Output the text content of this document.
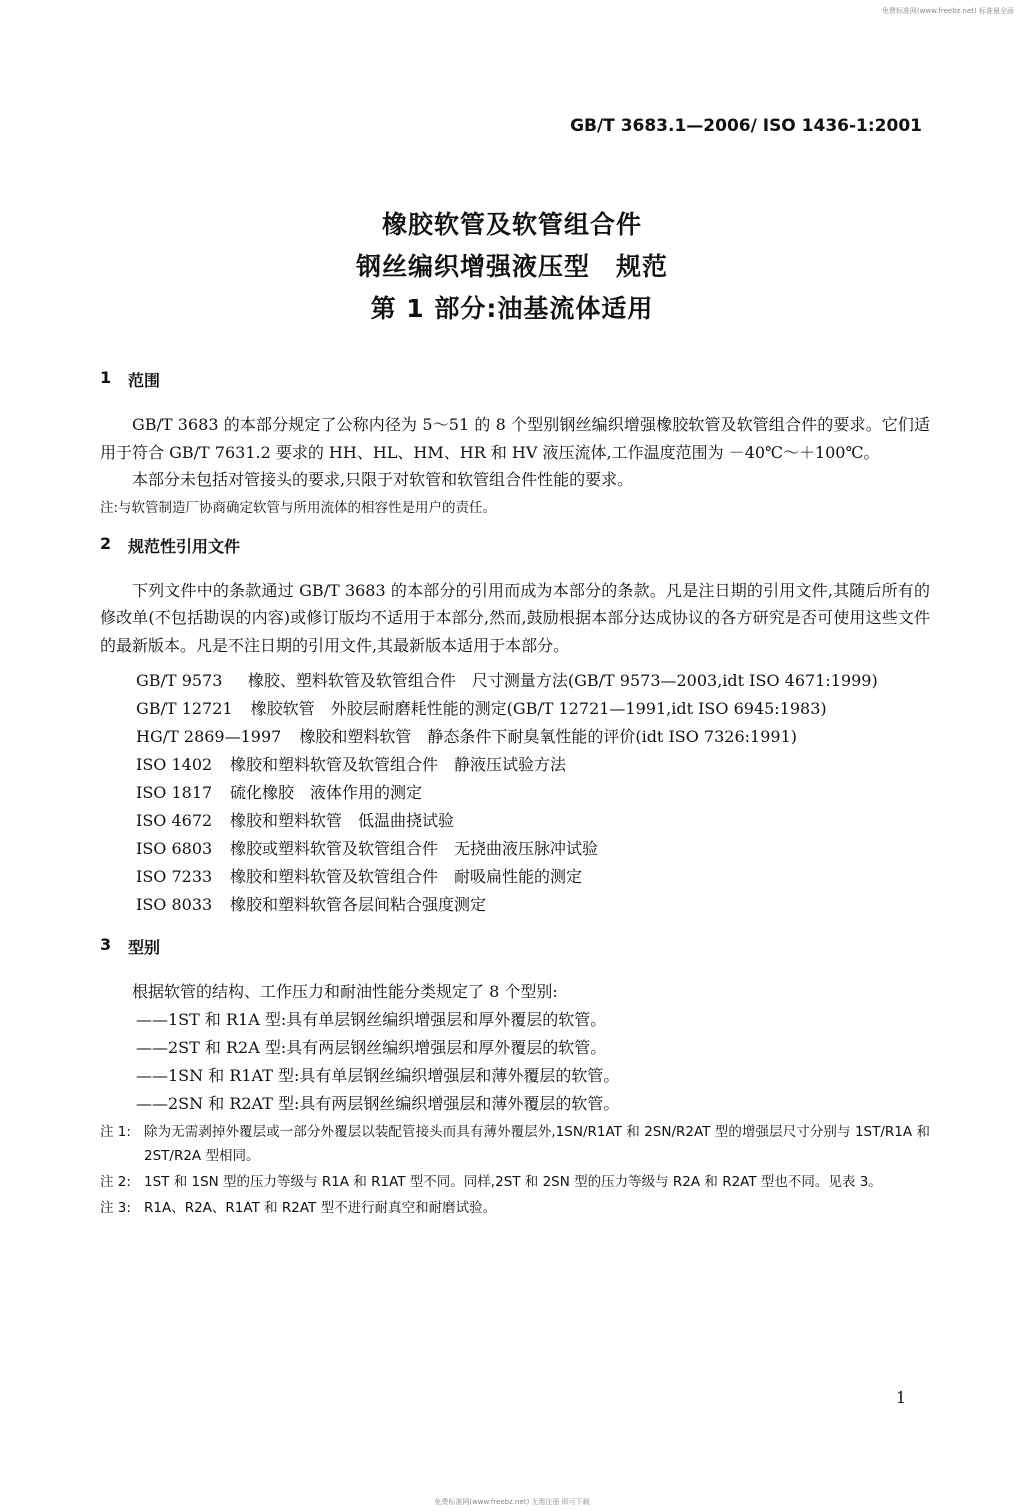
免费标准网(www.freebz.net) 标准最全面
GB/T 3683.1—2006/ ISO 1436-1:2001
橡胶软管及软管组合件
钢丝编织增强液压型　规范
第 1 部分:油基流体适用
1 范围

GB/T 3683 的本部分规定了公称内径为 5～51 的 8 个型别钢丝编织增强橡胶软管及软管组合件的要求。它们适用于符合 GB/T 7631.2 要求的 HH、HL、HM、HR 和 HV 液压流体,工作温度范围为 －40℃～＋100℃。

本部分未包括对管接头的要求,只限于对软管和软管组合件性能的要求。

注:与软管制造厂协商确定软管与所用流体的相容性是用户的责任。
2 规范性引用文件

下列文件中的条款通过 GB/T 3683 的本部分的引用而成为本部分的条款。凡是注日期的引用文件,其随后所有的修改单(不包括勘误的内容)或修订版均不适用于本部分,然而,鼓励根据本部分达成协议的各方研究是否可使用这些文件的最新版本。凡是不注日期的引用文件,其最新版本适用于本部分。

GB/T 9573 橡胶、塑料软管及软管组合件　尺寸测量方法(GB/T 9573—2003,idt ISO 4671:1999)
GB/T 12721 橡胶软管　外胶层耐磨耗性能的测定(GB/T 12721—1991,idt ISO 6945:1983)
HG/T 2869—1997 橡胶和塑料软管　静态条件下耐臭氧性能的评价(idt ISO 7326:1991)
ISO 1402	橡胶和塑料软管及软管组合件　静液压试验方法
ISO 1817	硫化橡胶　液体作用的测定
ISO 4672	橡胶和塑料软管　低温曲挠试验
ISO 6803	橡胶或塑料软管及软管组合件　无挠曲液压脉冲试验
ISO 7233	橡胶和塑料软管及软管组合件　耐吸扁性能的测定
ISO 8033	橡胶和塑料软管各层间粘合强度测定
3 型别

根据软管的结构、工作压力和耐油性能分类规定了 8 个型别:

——1ST 和 R1A 型:具有单层钢丝编织增强层和厚外覆层的软管。
——2ST 和 R2A 型:具有两层钢丝编织增强层和厚外覆层的软管。
——1SN 和 R1AT 型:具有单层钢丝编织增强层和薄外覆层的软管。
——2SN 和 R2AT 型:具有两层钢丝编织增强层和薄外覆层的软管。
注 1: 除为无需剥掉外覆层或一部分外覆层以装配管接头而具有薄外覆层外,1SN/R1AT 和 2SN/R2AT 型的增强层尺寸分别与 1ST/R1A 和 2ST/R2A 型相同。
注 2: 1ST 和 1SN 型的压力等级与 R1A 和 R1AT 型不同。同样,2ST 和 2SN 型的压力等级与 R2A 和 R2AT 型也不同。见表 3。
注 3: R1A、R2A、R1AT 和 R2AT 型不进行耐真空和耐磨试验。
1
免费标准网(www.freebz.net) 无需注册 即可下载
